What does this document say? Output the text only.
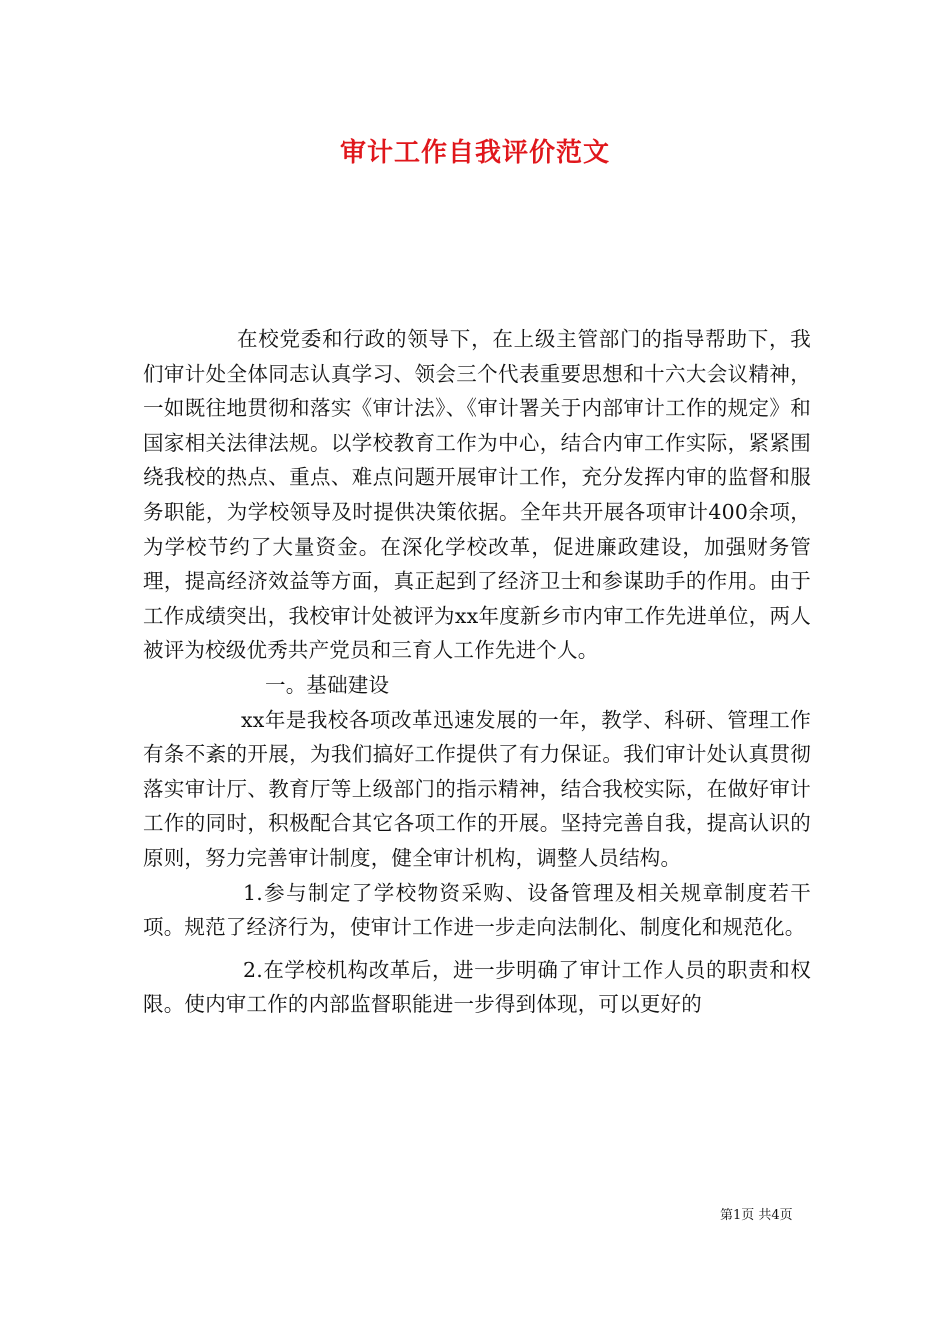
审计工作自我评价范文

在校党委和行政的领导下，在上级主管部门的指导帮助下，我们审计处全体同志认真学习、领会三个代表重要思想和十六大会议精神，一如既往地贯彻和落实《审计法》、《审计署关于内部审计工作的规定》和国家相关法律法规。以学校教育工作为中心，结合内审工作实际，紧紧围绕我校的热点、重点、难点问题开展审计工作，充分发挥内审的监督和服务职能，为学校领导及时提供决策依据。全年共开展各项审计400余项，为学校节约了大量资金。在深化学校改革，促进廉政建设，加强财务管理，提高经济效益等方面，真正起到了经济卫士和参谋助手的作用。由于工作成绩突出，我校审计处被评为xx年度新乡市内审工作先进单位，两人被评为校级优秀共产党员和三育人工作先进个人。

一。基础建设

xx年是我校各项改革迅速发展的一年，教学、科研、管理工作有条不紊的开展，为我们搞好工作提供了有力保证。我们审计处认真贯彻落实审计厅、教育厅等上级部门的指示精神，结合我校实际，在做好审计工作的同时，积极配合其它各项工作的开展。坚持完善自我，提高认识的原则，努力完善审计制度，健全审计机构，调整人员结构。

1.参与制定了学校物资采购、设备管理及相关规章制度若干项。规范了经济行为，使审计工作进一步走向法制化、制度化和规范化。

2.在学校机构改革后，进一步明确了审计工作人员的职责和权限。使内审工作的内部监督职能进一步得到体现，可以更好的

第1页 共4页
